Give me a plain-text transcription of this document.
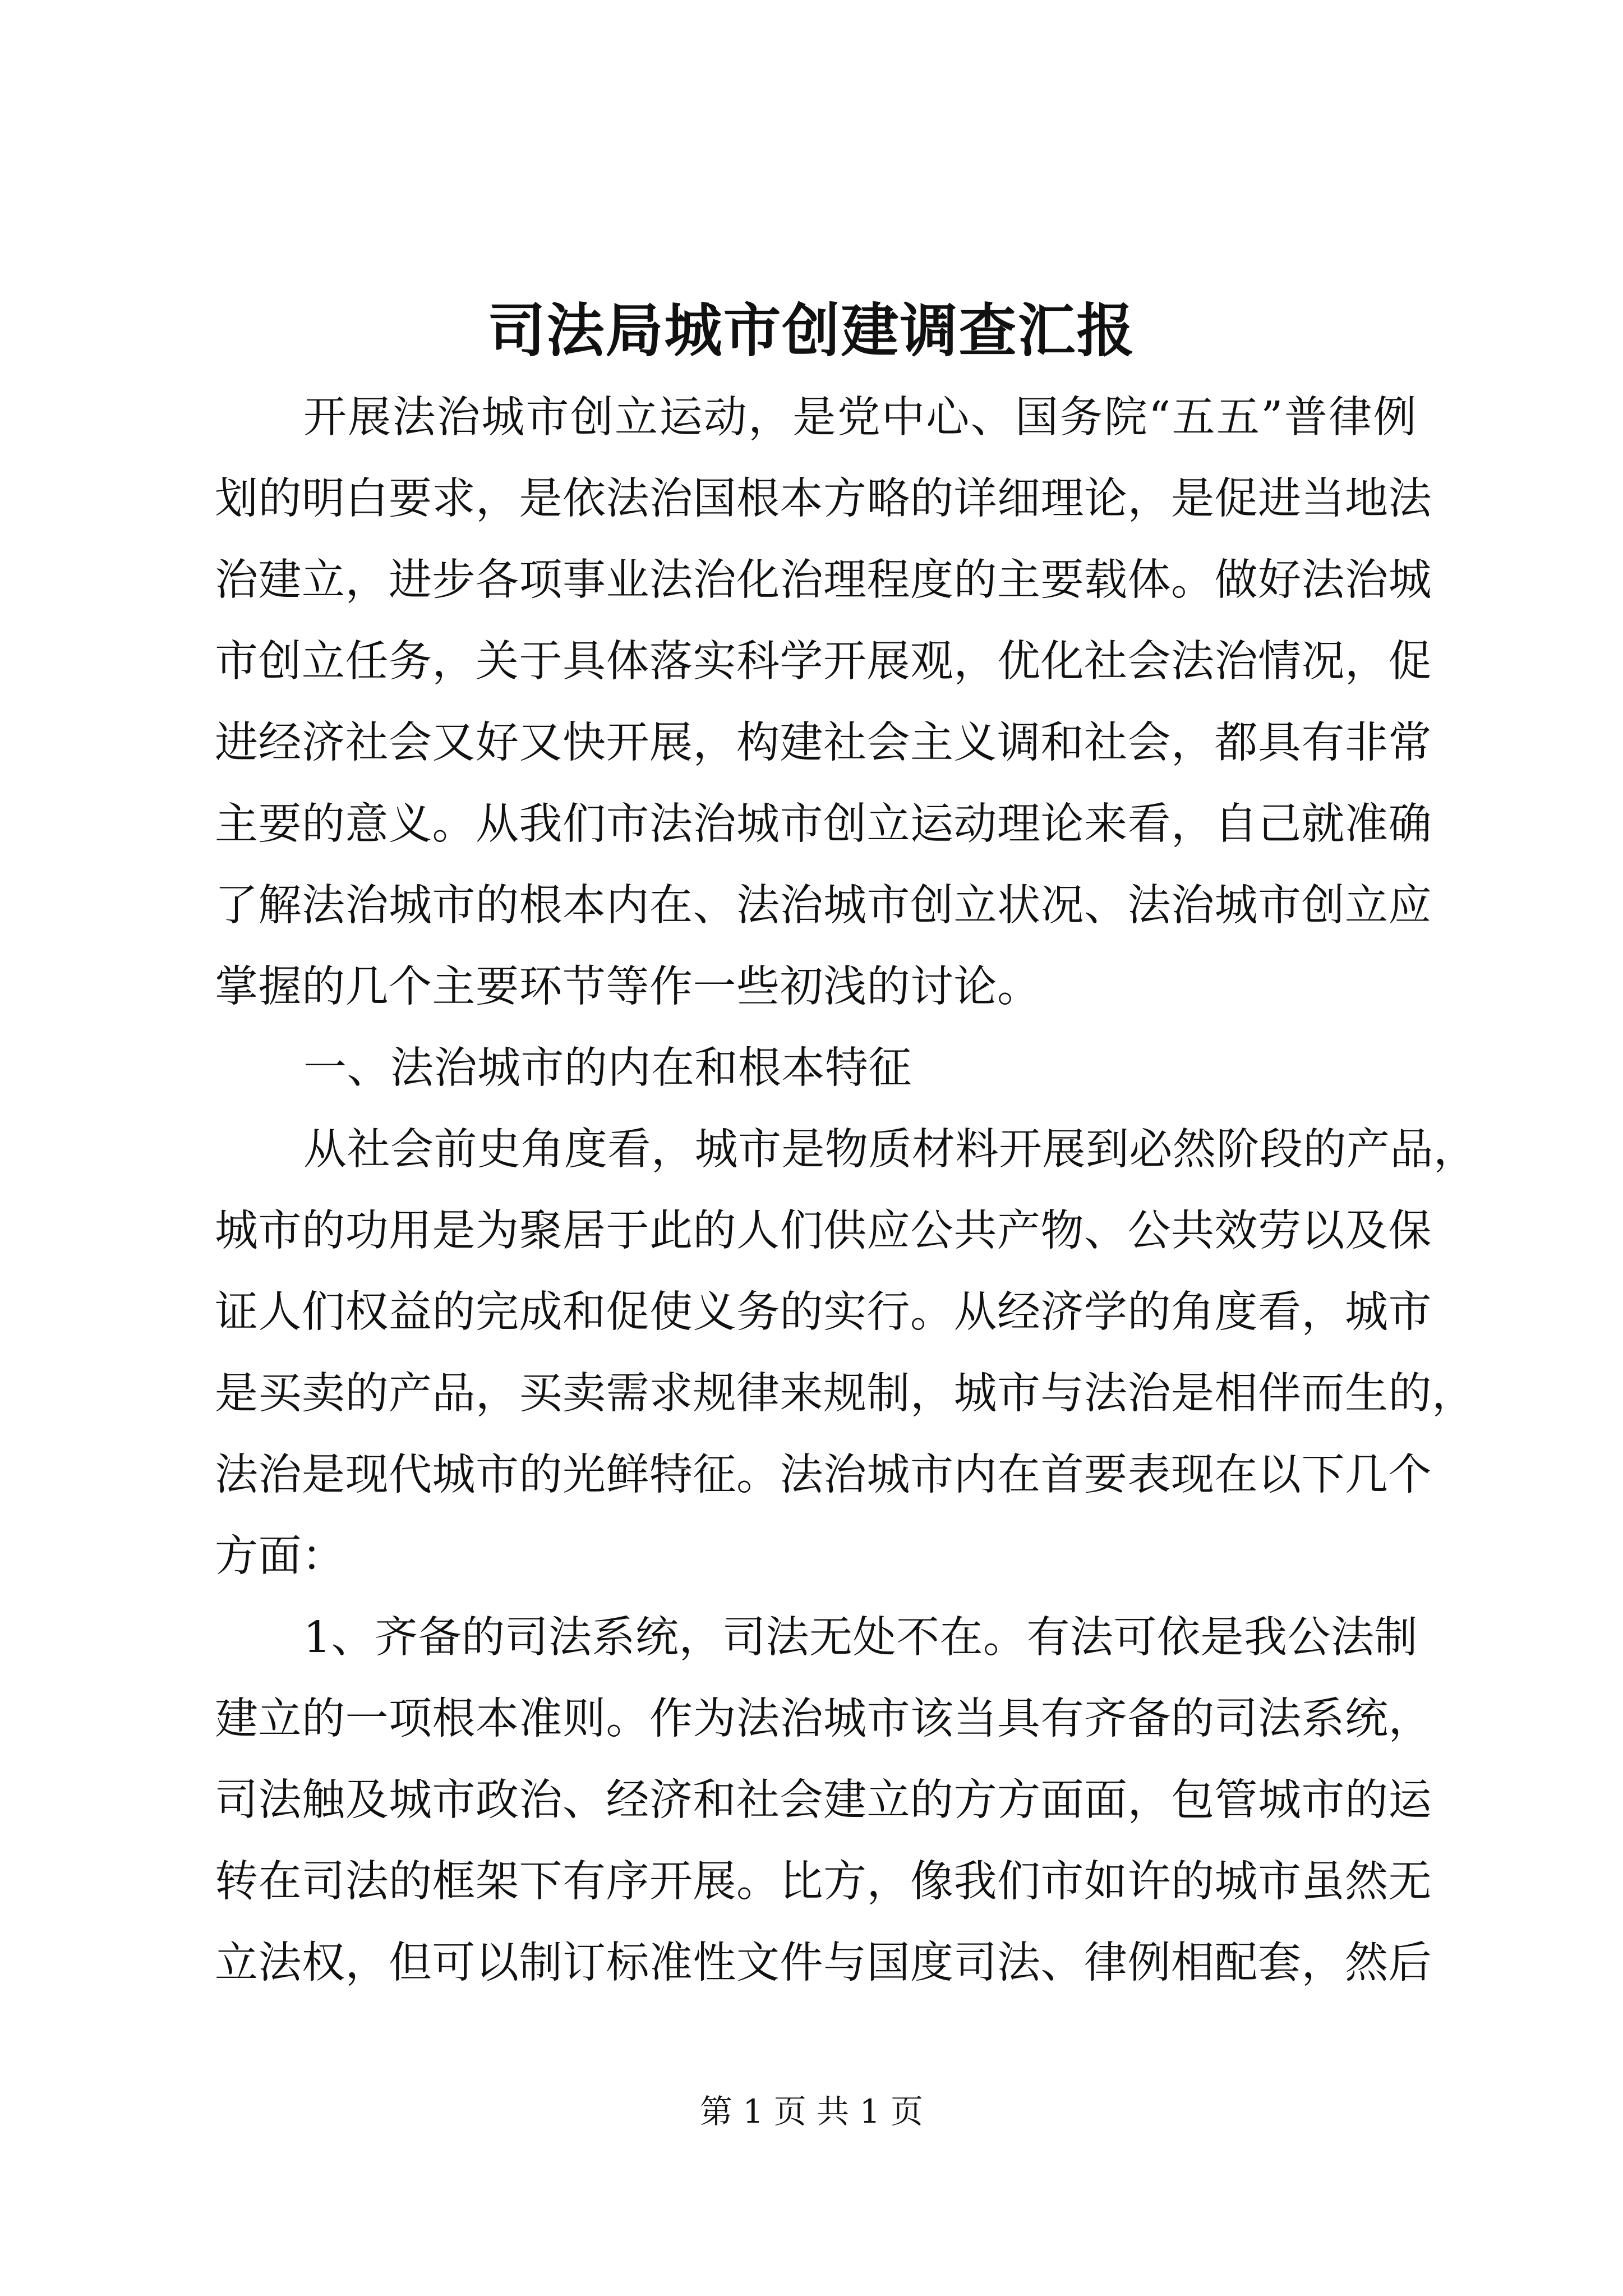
司法局城市创建调查汇报
开展法治城市创立运动，是党中心、国务院“五五”普律例
划的明白要求，是依法治国根本方略的详细理论，是促进当地法
治建立，进步各项事业法治化治理程度的主要载体。做好法治城
市创立任务，关于具体落实科学开展观，优化社会法治情况，促
进经济社会又好又快开展，构建社会主义调和社会，都具有非常
主要的意义。从我们市法治城市创立运动理论来看，自己就准确
了解法治城市的根本内在、法治城市创立状况、法治城市创立应
掌握的几个主要环节等作一些初浅的讨论。
一、法治城市的内在和根本特征
从社会前史角度看，城市是物质材料开展到必然阶段的产品，
城市的功用是为聚居于此的人们供应公共产物、公共效劳以及保
证人们权益的完成和促使义务的实行。从经济学的角度看，城市
是买卖的产品，买卖需求规律来规制，城市与法治是相伴而生的，
法治是现代城市的光鲜特征。法治城市内在首要表现在以下几个
方面：
1、齐备的司法系统，司法无处不在。有法可依是我公法制
建立的一项根本准则。作为法治城市该当具有齐备的司法系统，
司法触及城市政治、经济和社会建立的方方面面，包管城市的运
转在司法的框架下有序开展。比方，像我们市如许的城市虽然无
立法权，但可以制订标准性文件与国度司法、律例相配套，然后
第 1 页 共 1 页
